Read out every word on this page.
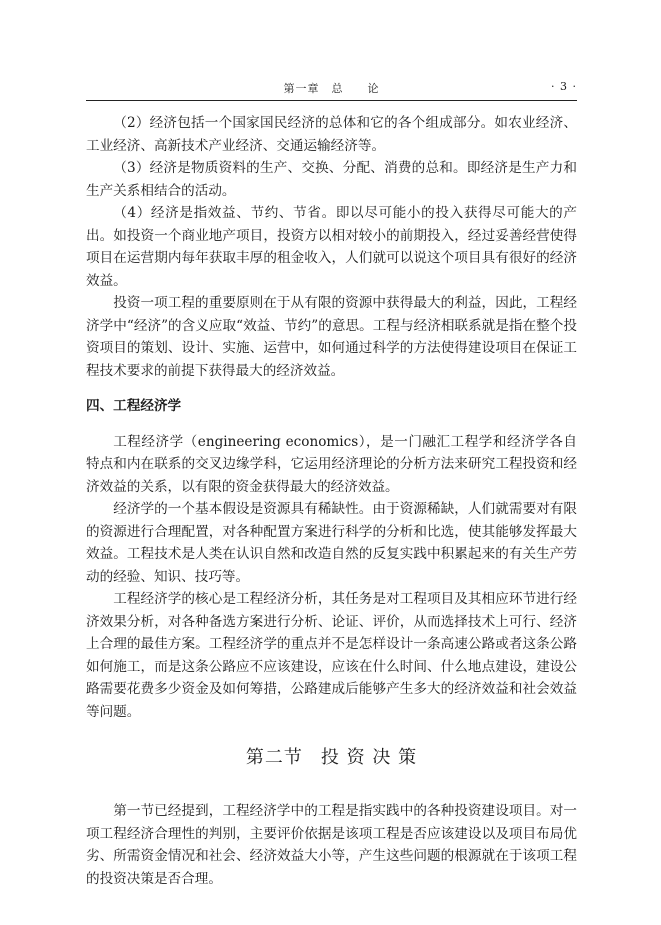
第一章　总　　论	· 3 ·

（2）经济包括一个国家国民经济的总体和它的各个组成部分。如农业经济、工业经济、高新技术产业经济、交通运输经济等。

（3）经济是物质资料的生产、交换、分配、消费的总和。即经济是生产力和生产关系相结合的活动。

（4）经济是指效益、节约、节省。即以尽可能小的投入获得尽可能大的产出。如投资一个商业地产项目，投资方以相对较小的前期投入，经过妥善经营使得项目在运营期内每年获取丰厚的租金收入，人们就可以说这个项目具有很好的经济效益。

投资一项工程的重要原则在于从有限的资源中获得最大的利益，因此，工程经济学中“经济”的含义应取“效益、节约”的意思。工程与经济相联系就是指在整个投资项目的策划、设计、实施、运营中，如何通过科学的方法使得建设项目在保证工程技术要求的前提下获得最大的经济效益。

四、工程经济学

工程经济学（engineering economics），是一门融汇工程学和经济学各自特点和内在联系的交叉边缘学科，它运用经济理论的分析方法来研究工程投资和经济效益的关系，以有限的资金获得最大的经济效益。

经济学的一个基本假设是资源具有稀缺性。由于资源稀缺，人们就需要对有限的资源进行合理配置，对各种配置方案进行科学的分析和比选，使其能够发挥最大效益。工程技术是人类在认识自然和改造自然的反复实践中积累起来的有关生产劳动的经验、知识、技巧等。

工程经济学的核心是工程经济分析，其任务是对工程项目及其相应环节进行经济效果分析，对各种备选方案进行分析、论证、评价，从而选择技术上可行、经济上合理的最佳方案。工程经济学的重点并不是怎样设计一条高速公路或者这条公路如何施工，而是这条公路应不应该建设，应该在什么时间、什么地点建设，建设公路需要花费多少资金及如何筹措，公路建成后能够产生多大的经济效益和社会效益等问题。

第二节 投 资 决 策

第一节已经提到，工程经济学中的工程是指实践中的各种投资建设项目。对一项工程经济合理性的判别，主要评价依据是该项工程是否应该建设以及项目布局优劣、所需资金情况和社会、经济效益大小等，产生这些问题的根源就在于该项工程的投资决策是否合理。
